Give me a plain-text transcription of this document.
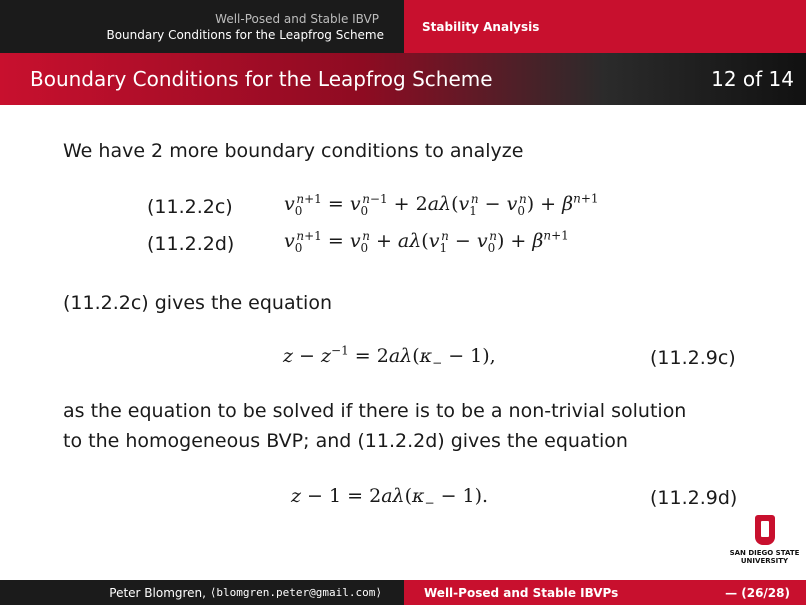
Well-Posed and Stable IBVP
Boundary Conditions for the Leapfrog Scheme
Stability Analysis
Boundary Conditions for the Leapfrog Scheme	12 of 14
We have 2 more boundary conditions to analyze
(11.2.2c)	$v_0^{n+1} = v_0^{n-1} + 2a\lambda(v_1^n - v_0^n) + \beta^{n+1}$
(11.2.2d)	$v_0^{n+1} = v_0^n + a\lambda(v_1^n - v_0^n) + \beta^{n+1}$
(11.2.2c) gives the equation
$z - z^{-1} = 2a\lambda(\kappa_- - 1)$,	(11.2.9c)
as the equation to be solved if there is to be a non-trivial solution
to the homogeneous BVP; and (11.2.2d) gives the equation
$z - 1 = 2a\lambda(\kappa_- - 1)$.	(11.2.9d)
SAN DIEGO STATE
UNIVERSITY
Peter Blomgren,
⟨blomgren.peter@gmail.com⟩	Well-Posed and Stable IBVPs	— (26/28)
